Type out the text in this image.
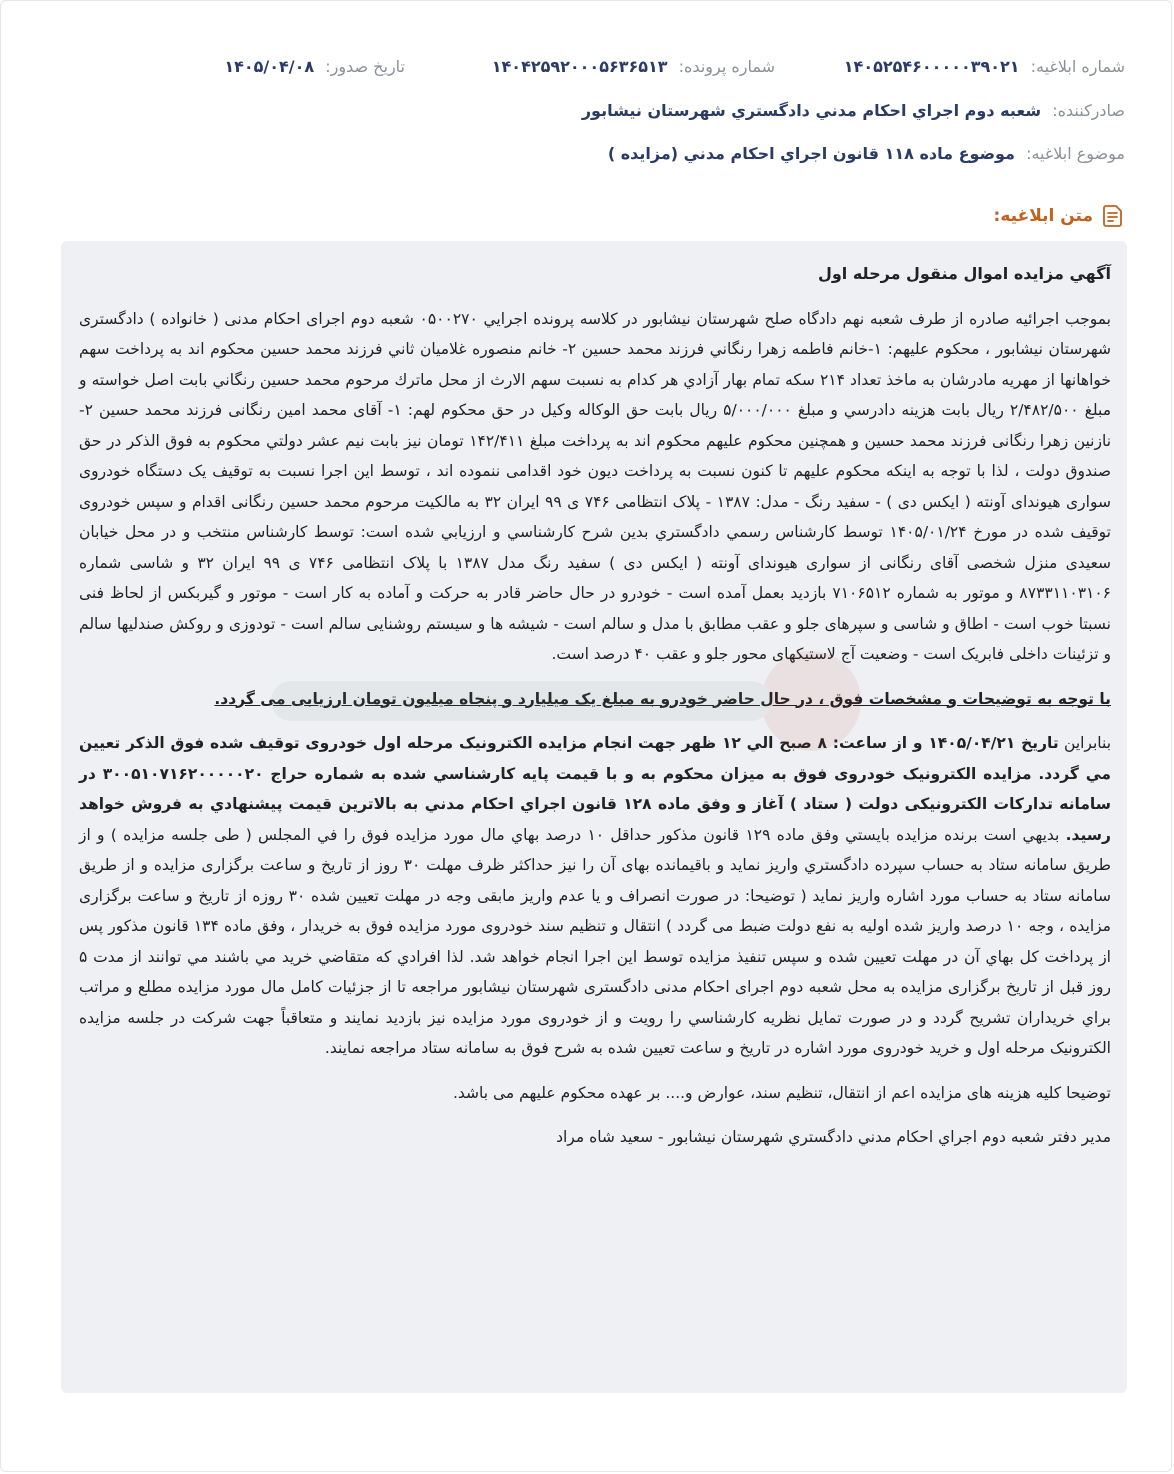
شماره ابلاغیه: ۱۴۰۵۲۵۴۶۰۰۰۰۰۳۹۰۲۱
شماره پرونده: ۱۴۰۴۲۵۹۲۰۰۰۵۶۳۶۵۱۳
تاریخ صدور: ۱۴۰۵/۰۴/۰۸
صادرکننده: شعبه دوم اجراي احكام مدني دادگستري شهرستان نيشابور
موضوع ابلاغیه: موضوع ماده ۱۱۸ قانون اجراي احكام مدني (مزايده )
متن ابلاغیه:

آگهي مزايده اموال منقول مرحله اول

بموجب اجرائيه صادره از طرف شعبه نهم دادگاه صلح شهرستان نيشابور در كلاسه پرونده اجرايي ۰۵۰۰۲۷۰ شعبه دوم اجرای احکام مدنی ( خانواده ) دادگستری شهرستان نیشابور ، محکوم علیهم: ۱-خانم فاطمه زهرا رنگاني فرزند محمد حسين ۲- خانم منصوره غلاميان ثاني فرزند محمد حسين محكوم اند به پرداخت سهم خواهانها از مهريه مادرشان به ماخذ تعداد ۲۱۴ سكه تمام بهار آزادي هر كدام به نسبت سهم الارث از محل ماترك مرحوم محمد حسين رنگاني بابت اصل خواسته و مبلغ ۲/۴۸۲/۵۰۰ ريال بابت هزينه دادرسي و مبلغ ۵/۰۰۰/۰۰۰ ريال بابت حق الوكاله وكيل در حق محكوم لهم: ۱- آقای محمد امين رنگانی فرزند محمد حسين ۲- نازنين زهرا رنگانی فرزند محمد حسين و همچنين محكوم عليهم محكوم اند به پرداخت مبلغ ۱۴۲/۴۱۱ تومان نيز بابت نيم عشر دولتي محكوم به فوق الذكر در حق صندوق دولت ، لذا با توجه به اينكه محكوم عليهم تا كنون نسبت به پرداخت ديون خود اقدامی ننموده اند ، توسط این اجرا نسبت به توقیف یک دستگاه خودروی سواری هیوندای آونته ( ایکس دی ) - سفید رنگ - مدل: ۱۳۸۷ - پلاک انتظامی ۷۴۶ ی ۹۹ ایران ۳۲ به مالکیت مرحوم محمد حسین رنگانی اقدام و سپس خودروی توقیف شده در مورخ ۱۴۰۵/۰۱/۲۴ توسط كارشناس رسمي دادگستري بدين شرح كارشناسي و ارزيابي شده است: توسط کارشناس منتخب و در محل خیابان سعیدی منزل شخصی آقای رنگانی از سواری هیوندای آونته ( ایکس دی ) سفید رنگ مدل ۱۳۸۷ با پلاک انتظامی ۷۴۶ ی ۹۹ ایران ۳۲ و شاسی شماره ۸۷۳۳۱۱۰۳۱۰۶ و موتور به شماره ۷۱۰۶۵۱۲ بازدید بعمل آمده است - خودرو در حال حاضر قادر به حرکت و آماده به کار است - موتور و گیربکس از لحاظ فنی نسبتا خوب است - اطاق و شاسی و سپرهای جلو و عقب مطابق با مدل و سالم است - شیشه ها و سیستم روشنایی سالم است - تودوزی و روکش صندلیها سالم و تزئینات داخلی فابریک است - وضعیت آج لاستیکهای محور جلو و عقب ۴۰ درصد است.

با توجه به توضیحات و مشخصات فوق ، در حال حاضر خودرو به مبلغ یک میلیارد و پنجاه میلیون تومان ارزیابی می گردد.

بنابراين تاريخ ۱۴۰۵/۰۴/۲۱ و از ساعت: ۸ صبح الي ۱۲ ظهر جهت انجام مزايده الكترونيک مرحله اول خودروی توقيف شده فوق الذكر تعيين مي گردد. مزايده الكترونيک خودروی فوق به ميزان محكوم به و با قيمت پايه كارشناسي شده به شماره حراج ۳۰۰۵۱۰۷۱۶۲۰۰۰۰۰۲۰ در سامانه تدارکات الکترونیکی دولت ( ستاد ) آغاز و وفق ماده ۱۲۸ قانون اجراي احكام مدني به بالاترين قيمت پيشنهادي به فروش خواهد رسيد. بديهي است برنده مزایده بايستي وفق ماده ۱۲۹ قانون مذكور حداقل ۱۰ درصد بهاي مال مورد مزايده فوق را في المجلس ( طی جلسه مزایده ) و از طریق سامانه ستاد به حساب سپرده دادگستري واريز نمايد و باقيمانده بهای آن را نیز حداكثر ظرف مهلت ۳۰ روز از تاريخ و ساعت برگزاری مزایده و از طریق سامانه ستاد به حساب مورد اشاره واریز نماید ( توضیحا: در صورت انصراف و یا عدم واریز مابقی وجه در مهلت تعیین شده ۳۰ روزه از تاریخ و ساعت برگزاری مزایده ، وجه ۱۰ درصد واریز شده اولیه به نفع دولت ضبط می گردد ) انتقال و تنظیم سند خودروی مورد مزايده فوق به خریدار ، وفق ماده ۱۳۴ قانون مذكور پس از پرداخت كل بهاي آن در مهلت تعیین شده و سپس تنفیذ مزایده توسط این اجرا انجام خواهد شد. لذا افرادي كه متقاضي خريد مي باشند مي توانند از مدت ۵ روز قبل از تاریخ برگزاری مزایده به محل شعبه دوم اجرای احکام مدنی دادگستری شهرستان نیشابور مراجعه تا از جزئیات کامل مال مورد مزايده مطلع و مراتب براي خريداران تشريح گردد و در صورت تمایل نظريه كارشناسي را رويت و از خودروی مورد مزایده نیز بازدید نمایند و متعاقباً جهت شرکت در جلسه مزایده الکترونیک مرحله اول و خرید خودروی مورد اشاره در تاریخ و ساعت تعیین شده به شرح فوق به سامانه ستاد مراجعه نمایند.

توضیحا کلیه هزینه های مزایده اعم از انتقال، تنظیم سند، عوارض و.... بر عهده محکوم علیهم می باشد.

مدير دفتر شعبه دوم اجراي احكام مدني دادگستري شهرستان نيشابور - سعيد شاه مراد
